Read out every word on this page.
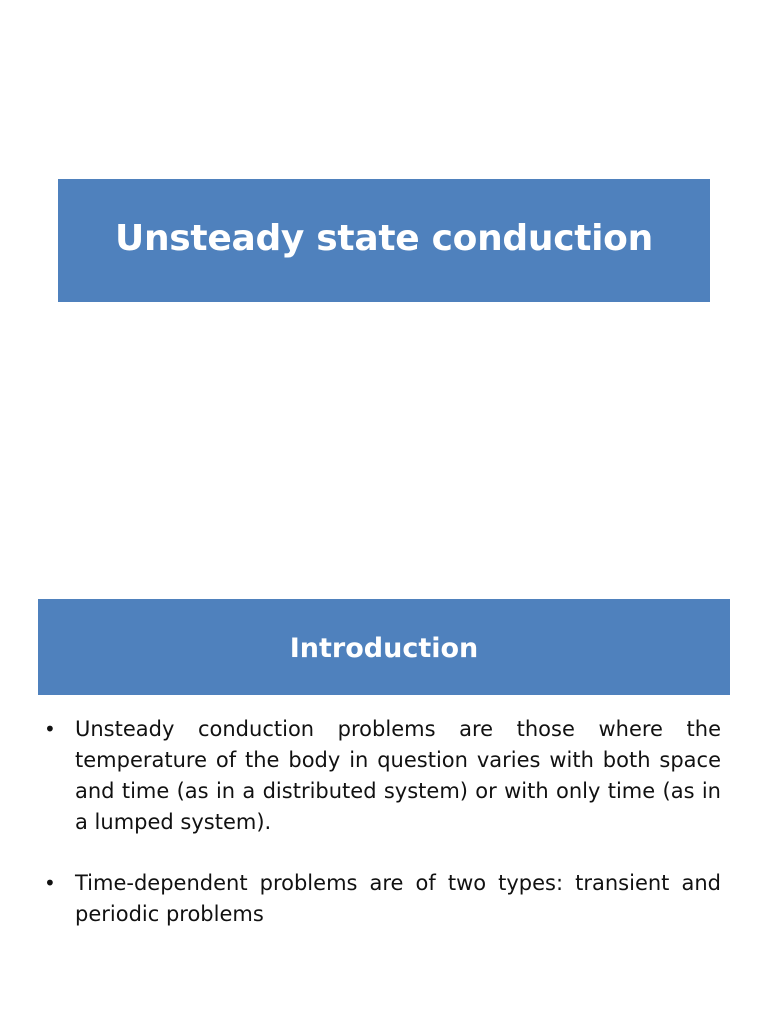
Unsteady state conduction
Introduction
• Unsteady conduction problems are those where the temperature of the body in question varies with both space and time (as in a distributed system) or with only time (as in a lumped system).
• Time-dependent problems are of two types: transient and periodic problems
